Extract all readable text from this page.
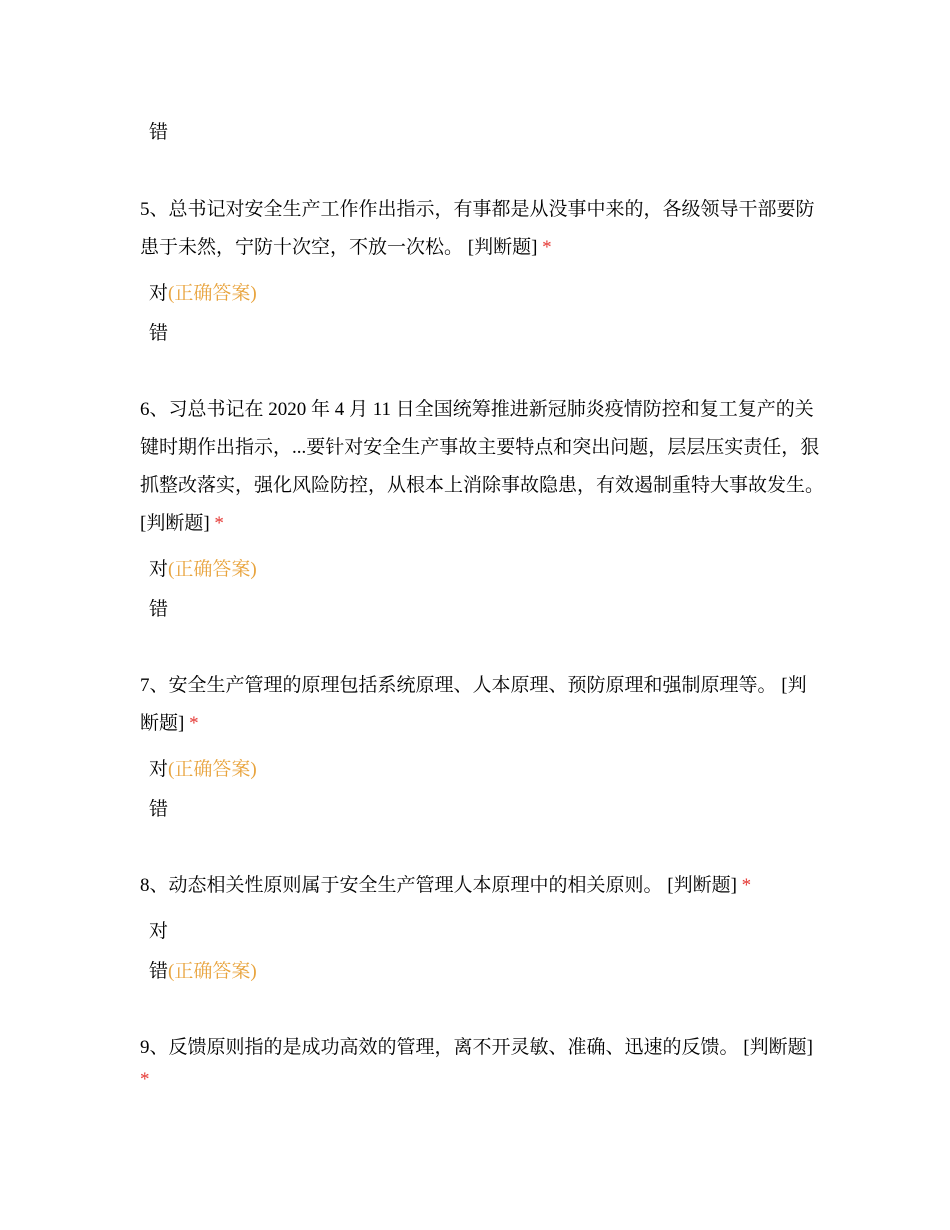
错
5、总书记对安全生产工作作出指示，有事都是从没事中来的，各级领导干部要防
患于未然，宁防十次空，不放一次松。 [判断题] *
对(正确答案)
错
6、习总书记在 2020 年 4 月 11 日全国统筹推进新冠肺炎疫情防控和复工复产的关
键时期作出指示，...要针对安全生产事故主要特点和突出问题，层层压实责任，狠
抓整改落实，强化风险防控，从根本上消除事故隐患，有效遏制重特大事故发生。
[判断题] *
对(正确答案)
错
7、安全生产管理的原理包括系统原理、人本原理、预防原理和强制原理等。 [判
断题] *
对(正确答案)
错
8、动态相关性原则属于安全生产管理人本原理中的相关原则。 [判断题] *
对
错(正确答案)
9、反馈原则指的是成功高效的管理，离不开灵敏、准确、迅速的反馈。 [判断题]
*
